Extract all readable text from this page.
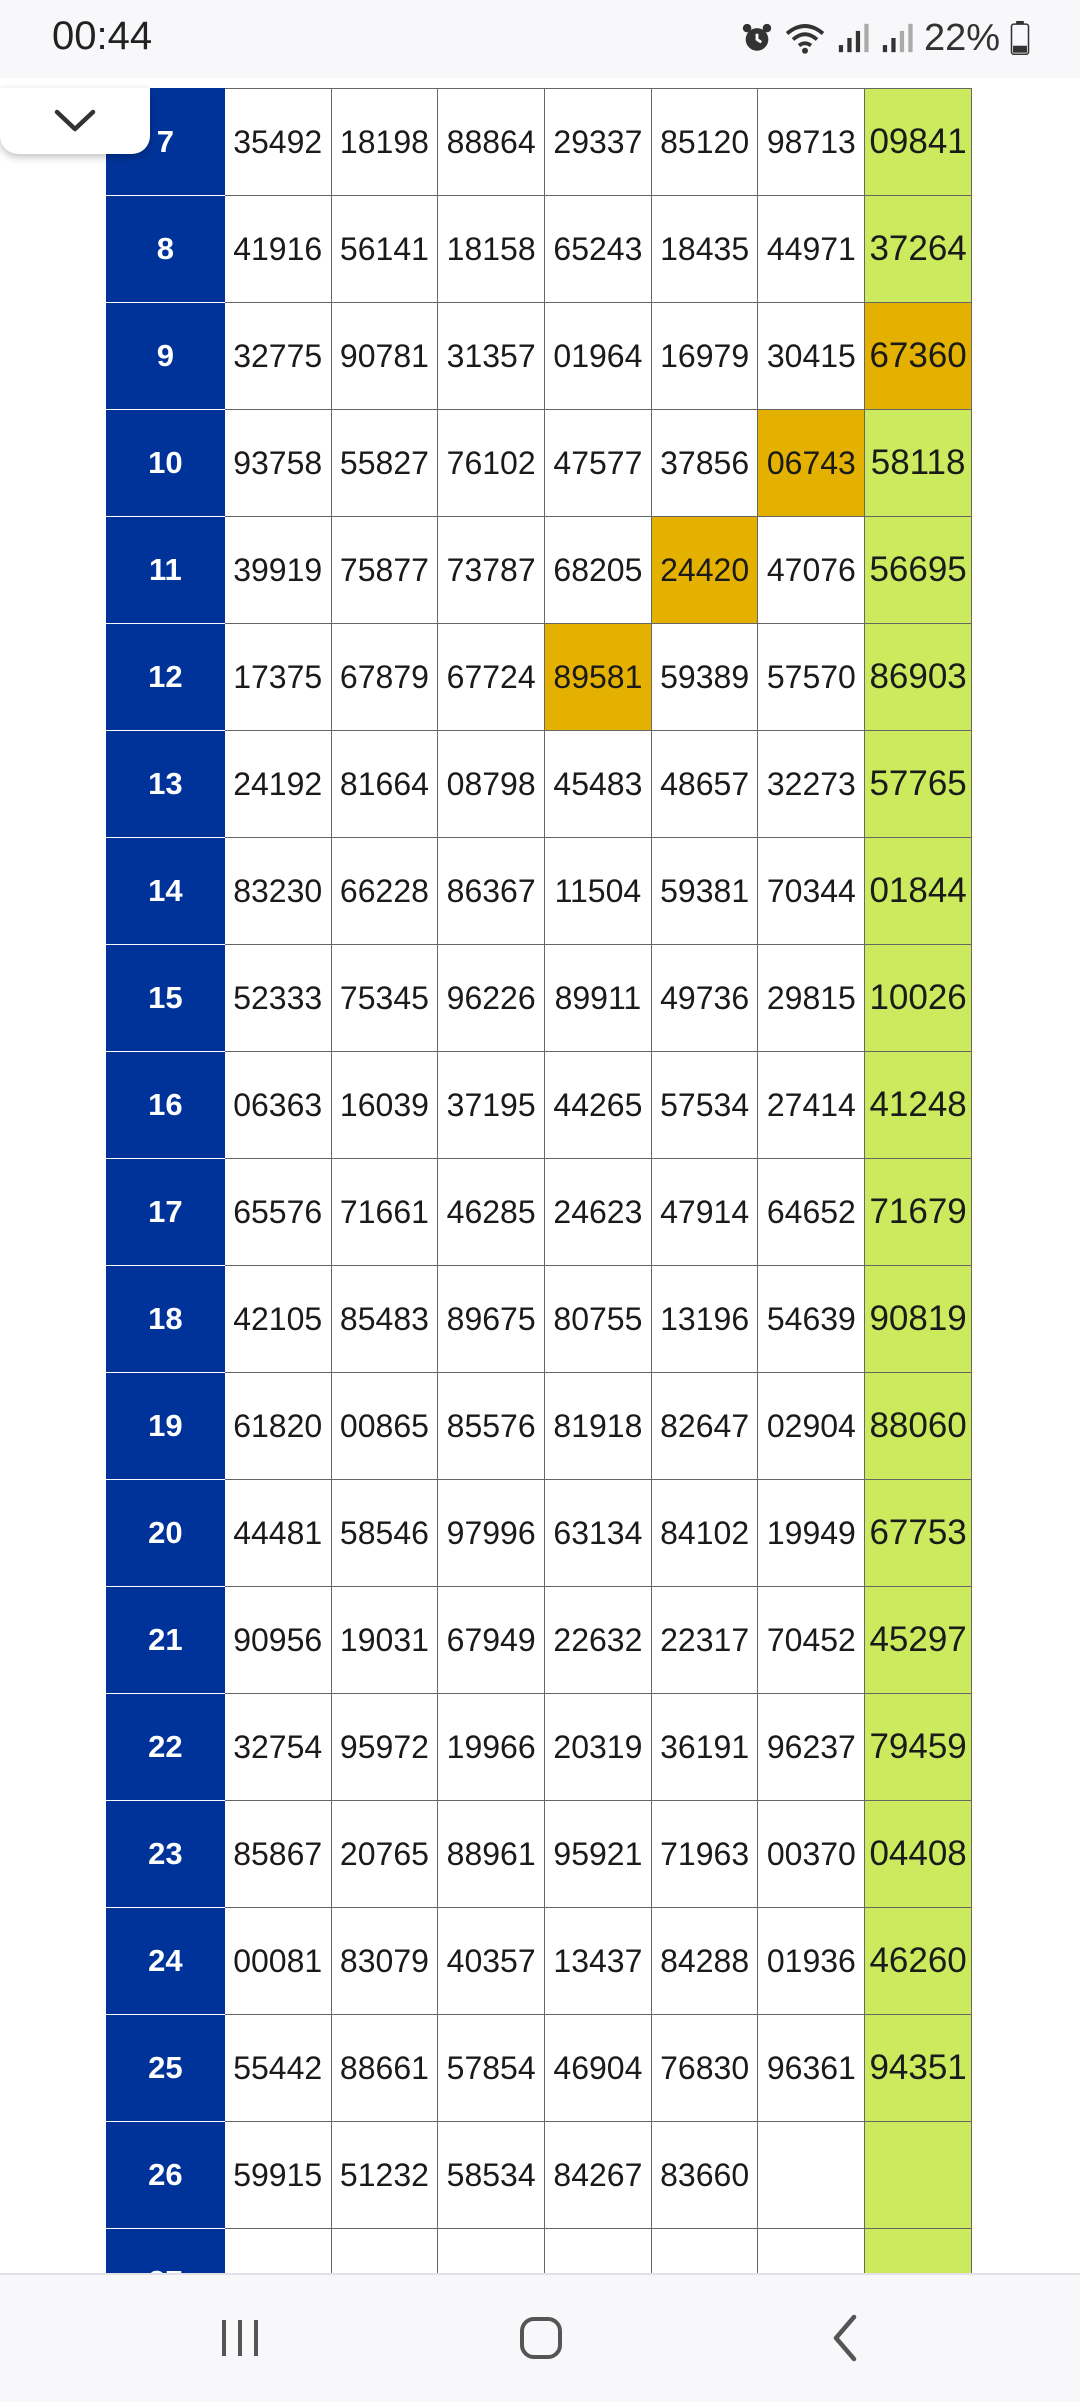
00:44	22%
7	35492	18198	88864	29337	85120	98713	09841
8	41916	56141	18158	65243	18435	44971	37264
9	32775	90781	31357	01964	16979	30415	67360
10	93758	55827	76102	47577	37856	06743	58118
11	39919	75877	73787	68205	24420	47076	56695
12	17375	67879	67724	89581	59389	57570	86903
13	24192	81664	08798	45483	48657	32273	57765
14	83230	66228	86367	11504	59381	70344	01844
15	52333	75345	96226	89911	49736	29815	10026
16	06363	16039	37195	44265	57534	27414	41248
17	65576	71661	46285	24623	47914	64652	71679
18	42105	85483	89675	80755	13196	54639	90819
19	61820	00865	85576	81918	82647	02904	88060
20	44481	58546	97996	63134	84102	19949	67753
21	90956	19031	67949	22632	22317	70452	45297
22	32754	95972	19966	20319	36191	96237	79459
23	85867	20765	88961	95921	71963	00370	04408
24	00081	83079	40357	13437	84288	01936	46260
25	55442	88661	57854	46904	76830	96361	94351
26	59915	51232	58534	84267	83660		
